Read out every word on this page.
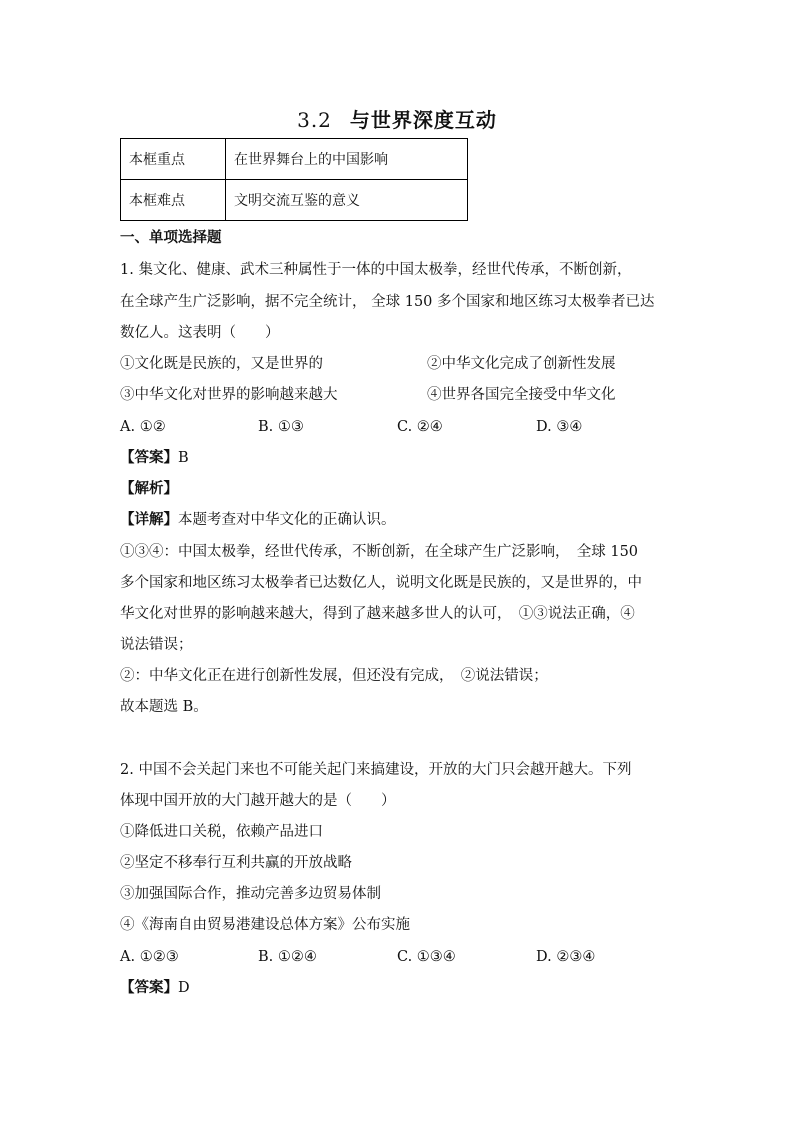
3.2 与世界深度互动
本框重点	在世界舞台上的中国影响
本框难点	文明交流互鉴的意义
一、单项选择题
1. 集文化、健康、武术三种属性于一体的中国太极拳，经世代传承，不断创新，
在全球产生广泛影响，据不完全统计， 全球 150 多个国家和地区练习太极拳者已达
数亿人。这表明（　　）
①文化既是民族的，又是世界的	②中华文化完成了创新性发展
③中华文化对世界的影响越来越大	④世界各国完全接受中华文化
A. ①②	B. ①③	C. ②④	D. ③④
【答案】B
【解析】
【详解】本题考查对中华文化的正确认识。
①③④：中国太极拳，经世代传承，不断创新，在全球产生广泛影响，　全球 150
多个国家和地区练习太极拳者已达数亿人，说明文化既是民族的，又是世界的，中
华文化对世界的影响越来越大，得到了越来越多世人的认可，　①③说法正确，④
说法错误；
②：中华文化正在进行创新性发展，但还没有完成，　②说法错误；
故本题选 B。
2. 中国不会关起门来也不可能关起门来搞建设，开放的大门只会越开越大。下列
体现中国开放的大门越开越大的是（　　）
①降低进口关税，依赖产品进口
②坚定不移奉行互利共赢的开放战略
③加强国际合作，推动完善多边贸易体制
④《海南自由贸易港建设总体方案》公布实施
A. ①②③	B. ①②④	C. ①③④	D. ②③④
【答案】D
